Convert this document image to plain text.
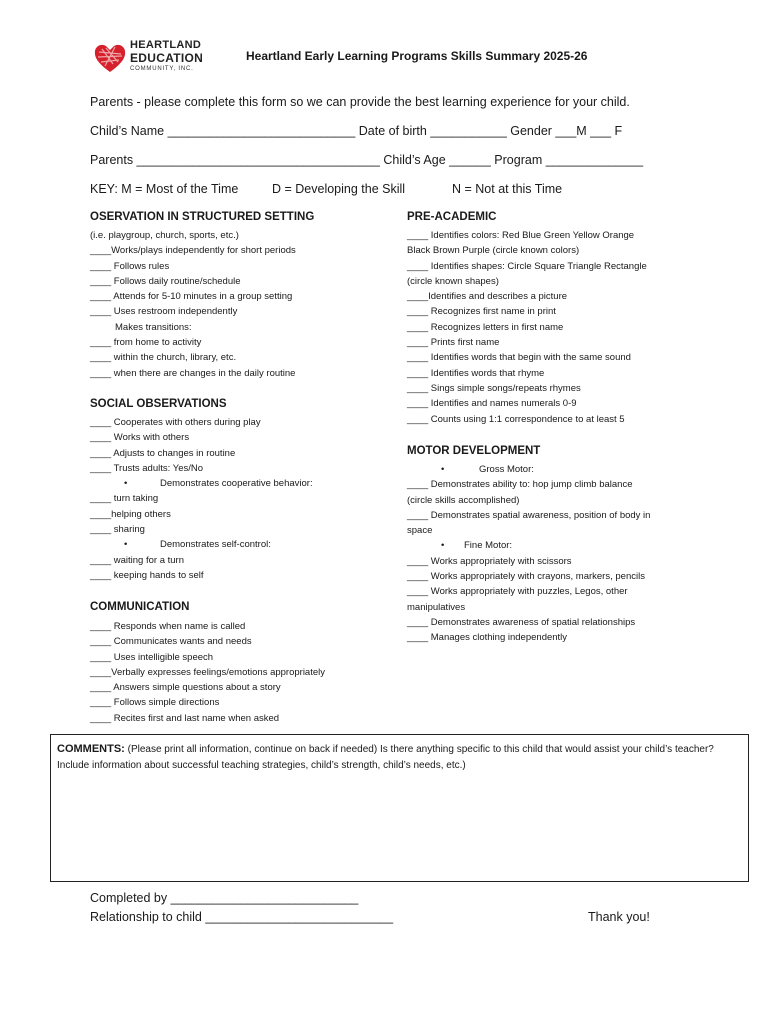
HEARTLAND
EDUCATION
COMMUNITY, INC.
Heartland Early Learning Programs Skills Summary 2025-26
Parents - please complete this form so we can provide the best learning experience for your child.
Child’s Name ___________________________ Date of birth ___________ Gender ___M ___ F
Parents ___________________________________ Child’s Age ______ Program ______________
KEY: M = Most of the Time	D = Developing the Skill	N = Not at this Time
OSERVATION IN STRUCTURED SETTING
(i.e. playgroup, church, sports, etc.)
____Works/plays independently for short periods
____ Follows rules
____ Follows daily routine/schedule
____ Attends for 5-10 minutes in a group setting
____ Uses restroom independently
Makes transitions:
____ from home to activity
____ within the church, library, etc.
____ when there are changes in the daily routine
SOCIAL OBSERVATIONS
____ Cooperates with others during play
____ Works with others
____ Adjusts to changes in routine
____ Trusts adults: Yes/No
• Demonstrates cooperative behavior:
____ turn taking
____helping others
____ sharing
• Demonstrates self-control:
____ waiting for a turn
____ keeping hands to self
COMMUNICATION
____ Responds when name is called
____ Communicates wants and needs
____ Uses intelligible speech
____Verbally expresses feelings/emotions appropriately
____ Answers simple questions about a story
____ Follows simple directions
____ Recites first and last name when asked
PRE-ACADEMIC
____ Identifies colors: Red Blue Green Yellow Orange
Black Brown Purple (circle known colors)
____ Identifies shapes: Circle Square Triangle Rectangle
(circle known shapes)
____Identifies and describes a picture
____ Recognizes first name in print
____ Recognizes letters in first name
____ Prints first name
____ Identifies words that begin with the same sound
____ Identifies words that rhyme
____ Sings simple songs/repeats rhymes
____ Identifies and names numerals 0-9
____ Counts using 1:1 correspondence to at least 5
MOTOR DEVELOPMENT
• Gross Motor:
____ Demonstrates ability to: hop jump climb balance
(circle skills accomplished)
____ Demonstrates spatial awareness, position of body in
space
• Fine Motor:
____ Works appropriately with scissors
____ Works appropriately with crayons, markers, pencils
____ Works appropriately with puzzles, Legos, other
manipulatives
____ Demonstrates awareness of spatial relationships
____ Manages clothing independently
COMMENTS: (Please print all information, continue on back if needed) Is there anything specific to this child that would assist your child’s teacher? Include information about successful teaching strategies, child’s strength, child’s needs, etc.)
Completed by ___________________________
Relationship to child ___________________________	Thank you!
